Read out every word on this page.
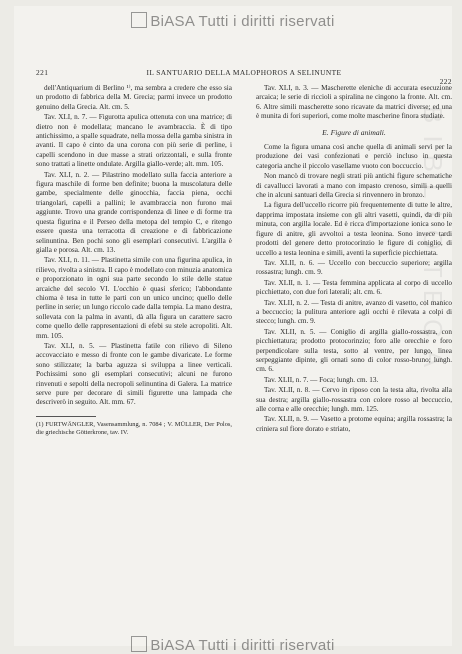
BiASA Tutti i diritti riservati
BIBLIOTECA
221	IL SANTUARIO DELLA MALOPHOROS A SELINUNTE
222

dell'Antiquarium di Berlino ¹⁾, ma sembra a credere che esso sia un prodotto di fabbrica della M. Grecia; parmi invece un prodotto genuino della Grecia. Alt. cm. 5.

Tav. XLI, n. 7. — Figurotta apulica ottenuta con una matrice; di dietro non è modellata; mancano le avambraccia. È di tipo antichissimo, a spalle squadrate, nella mossa della gamba sinistra in avanti. Il capo è cinto da una corona con più serie di perline, i capelli scendono in due masse a strati orizzontali, e sulla fronte sono trattati a linette ondulate. Argilla giallo-verde; alt. mm. 105.

Tav. XLI, n. 2. — Pilastrino modellato sulla faccia anteriore a figura maschile di forme ben definite; buona la muscolatura delle gambe, specialmente delle ginocchia, faccia piena, occhi triangolari, capelli a pallini; le avambraccia non furono mai aggiunte. Trovo una grande corrispondenza di linee e di forme tra questa figurina e il Perseo della metopa del tempio C, e ritengo essere questa una terracotta di creazione e di fabbricazione selinuntina. Ben pochi sono gli esemplari consecutivi. L'argilla è gialla e porosa. Alt. cm. 13.

Tav. XLI, n. 11. — Plastinetta simile con una figurina apulica, in rilievo, rivolta a sinistra. Il capo è modellato con minuzia anatomica e proporzionato in ogni sua parte secondo lo stile delle statue arcaiche del secolo VI. L'occhio è quasi sferico; l'abbondante chioma è tesa in tutte le parti con un unico uncino; quello delle perline in serie; un lungo riccolo cade dalla tempia. La mano destra, sollevata con la palma in avanti, dà alla figura un carattere sacro come quello delle rappresentazioni di efebi su stele acropoliti. Alt. mm. 105.

Tav. XLI, n. 5. — Plastinetta fatile con rilievo di Sileno accovacciato e messo di fronte con le gambe divaricate. Le forme sono stilizzate; la barba aguzza si sviluppa a linee verticali. Pochissimi sono gli esemplari consecutivi; alcuni ne furono rinvenuti e sepolti della necropoli selinuntina di Galera. La matrice serve pure per decorare di simili figurette una lampada che descriverò in seguito. Alt. mm. 67.

(1) FURTWÄNGLER, Vasensammlung, n. 7084 ; V. MÜLLER, Der Polos, die griechische Götterkrone, tav. IV.

Tav. XLI, n. 3. — Mascherette eleniche di accurata esecuzione arcaica; le serie di riccioli a spiralina ne cingono la fronte. Alt. cm. 6. Altre simili mascherette sono ricavate da matrici diverse; ed una è munita di fori superiori, come molte mascherine finora studiate.

E. Figure di animali.

Come la figura umana così anche quella di animali servì per la produzione dei vasi confezionati e perciò incluso in questa categoria anche il piccolo vasellame vuoto con boccuccio.

Non mancò di trovare negli strati più antichi figure schematiche di cavallucci lavorati a mano con impasto crenoso, simili a quelli che in alcuni santuari della Grecia si rinvennero in bronzo.

La figura dell'uccello ricorre più frequentemente di tutte le altre, dapprima impostata insieme con gli altri vasetti, quindi, da di più minuta, con argilla locale. Ed è ricca d'importazione ionica sono le figure di anitre, gli avvoltoi a testa leonina. Sono invece tardi prodotti del genere detto protocorinzio le figure di coniglio, di uccello a testa leonina e simili, aventi la superficie picchiettata.

Tav. XLII, n. 6. — Uccello con beccuccio superiore; argilla rossastra; lungh. cm. 9.

Tav. XLII, n. 1. — Testa femmina applicata al corpo di uccello picchiettato, con due fori laterali; alt. cm. 6.

Tav. XLII, n. 2. — Testa di anitre, avanzo di vasetto, col manico a beccuccio; la pulitura anteriore agli occhi è rilevata a colpi di stecco; lungh. cm. 9.

Tav. XLII, n. 5. — Coniglio di argilla giallo-rossastra, con picchiettatura; prodotto protocorinzio; foro alle orecchie e foro perpendicolare sulla testa, sotto al ventre, per lungo, linea serpeggiante dipinte, gli ornati sono di color rosso-bruno; lungh. cm. 6.

Tav. XLII, n. 7. — Foca; lungh. cm. 13.

Tav. XLII, n. 8. — Cervo in riposo con la testa alta, rivolta alla sua destra; argilla giallo-rossastra con colore rosso al beccuccio, alle corna e alle orecchie; lungh. mm. 125.

Tav. XLII, n. 9. — Vasetto a protome equina; argilla rossastra; la criniera sul fiore dorato e striato,

BiASA Tutti i diritti riservati
